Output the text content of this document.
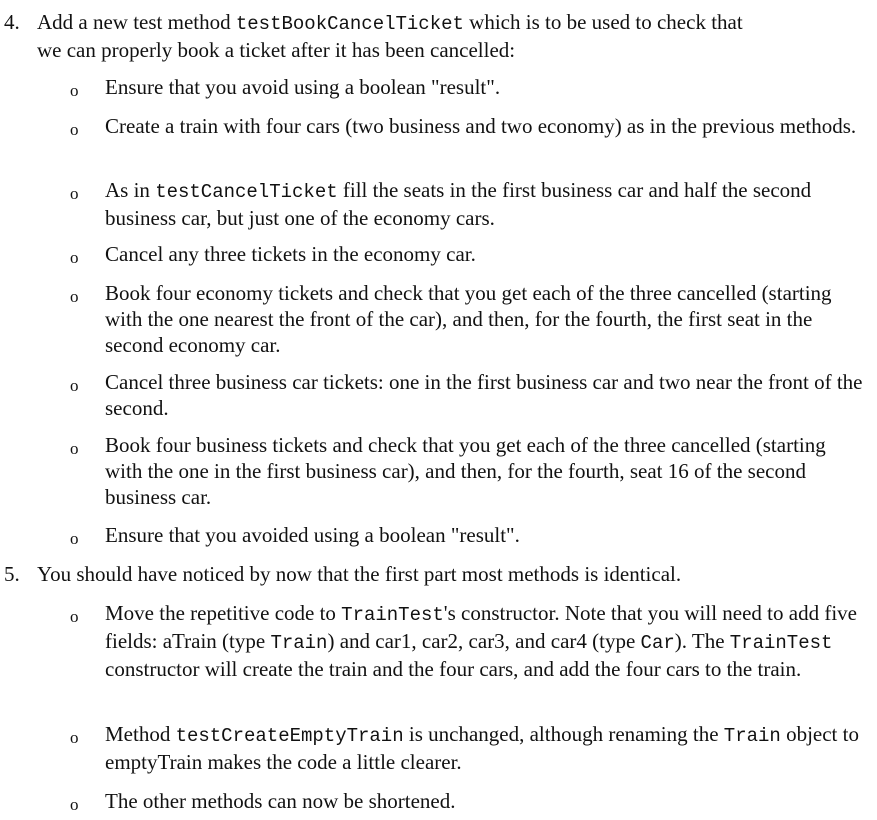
4. Add a new test method testBookCancelTicket which is to be used to check that
we can properly book a ticket after it has been cancelled:
o Ensure that you avoid using a boolean "result".
o Create a train with four cars (two business and two economy) as in the previous methods.
o As in testCancelTicket fill the seats in the first business car and half the second business car, but just one of the economy cars.
o Cancel any three tickets in the economy car.
o Book four economy tickets and check that you get each of the three cancelled (starting with the one nearest the front of the car), and then, for the fourth, the first seat in the second economy car.
o Cancel three business car tickets: one in the first business car and two near the front of the second.
o Book four business tickets and check that you get each of the three cancelled (starting with the one in the first business car), and then, for the fourth, seat 16 of the second business car.
o Ensure that you avoided using a boolean "result".
5. You should have noticed by now that the first part most methods is identical.
o Move the repetitive code to TrainTest's constructor. Note that you will need to add five fields: aTrain (type Train) and car1, car2, car3, and car4 (type Car). The TrainTest constructor will create the train and the four cars, and add the four cars to the train.
o Method testCreateEmptyTrain is unchanged, although renaming the Train object to emptyTrain makes the code a little clearer.
o The other methods can now be shortened.
